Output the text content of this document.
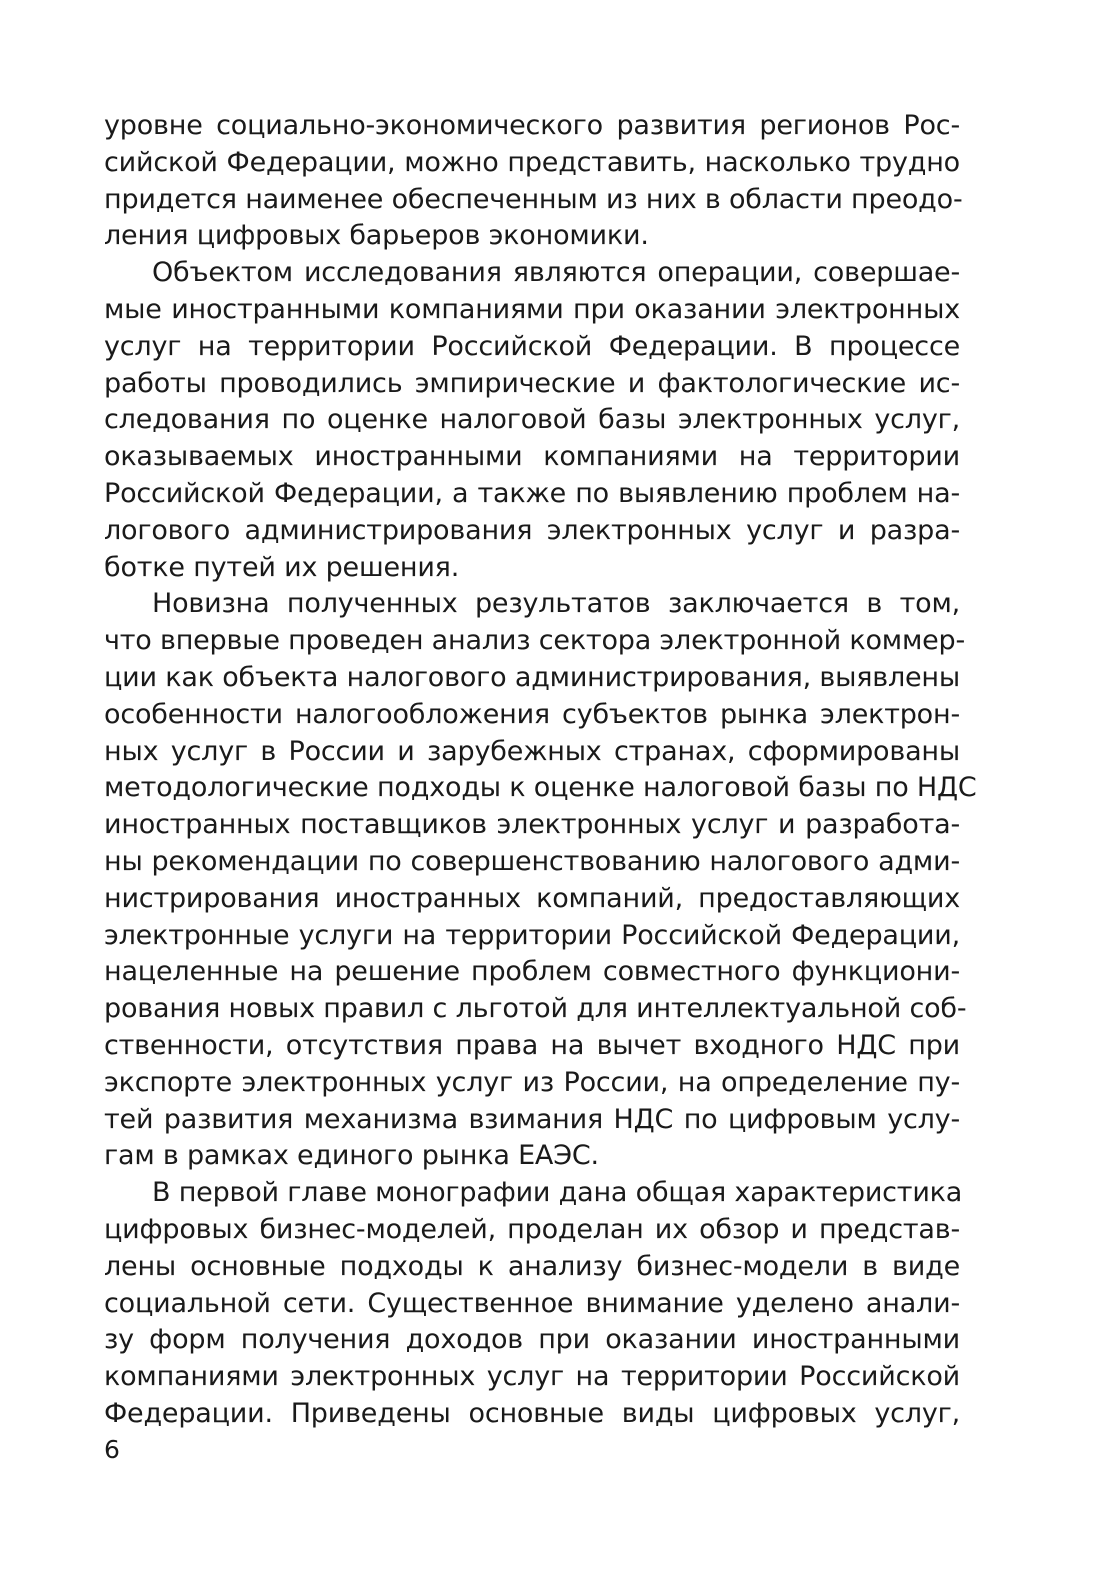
уровне социально-экономического развития регионов Рос-
сийской Федерации, можно представить, насколько трудно
придется наименее обеспеченным из них в области преодо-
ления цифровых барьеров экономики.
Объектом исследования являются операции, совершае-
мые иностранными компаниями при оказании электронных
услуг на территории Российской Федерации. В процессе
работы проводились эмпирические и фактологические ис-
следования по оценке налоговой базы электронных услуг,
оказываемых иностранными компаниями на территории
Российской Федерации, а также по выявлению проблем на-
логового администрирования электронных услуг и разра-
ботке путей их решения.
Новизна полученных результатов заключается в том,
что впервые проведен анализ сектора электронной коммер-
ции как объекта налогового администрирования, выявлены
особенности налогообложения субъектов рынка электрон-
ных услуг в России и зарубежных странах, сформированы
методологические подходы к оценке налоговой базы по НДС
иностранных поставщиков электронных услуг и разработа-
ны рекомендации по совершенствованию налогового адми-
нистрирования иностранных компаний, предоставляющих
электронные услуги на территории Российской Федерации,
нацеленные на решение проблем совместного функциони-
рования новых правил с льготой для интеллектуальной соб-
ственности, отсутствия права на вычет входного НДС при
экспорте электронных услуг из России, на определение пу-
тей развития механизма взимания НДС по цифровым услу-
гам в рамках единого рынка ЕАЭС.
В первой главе монографии дана общая характеристика
цифровых бизнес-моделей, проделан их обзор и представ-
лены основные подходы к анализу бизнес-модели в виде
социальной сети. Существенное внимание уделено анали-
зу форм получения доходов при оказании иностранными
компаниями электронных услуг на территории Российской
Федерации. Приведены основные виды цифровых услуг,
6
